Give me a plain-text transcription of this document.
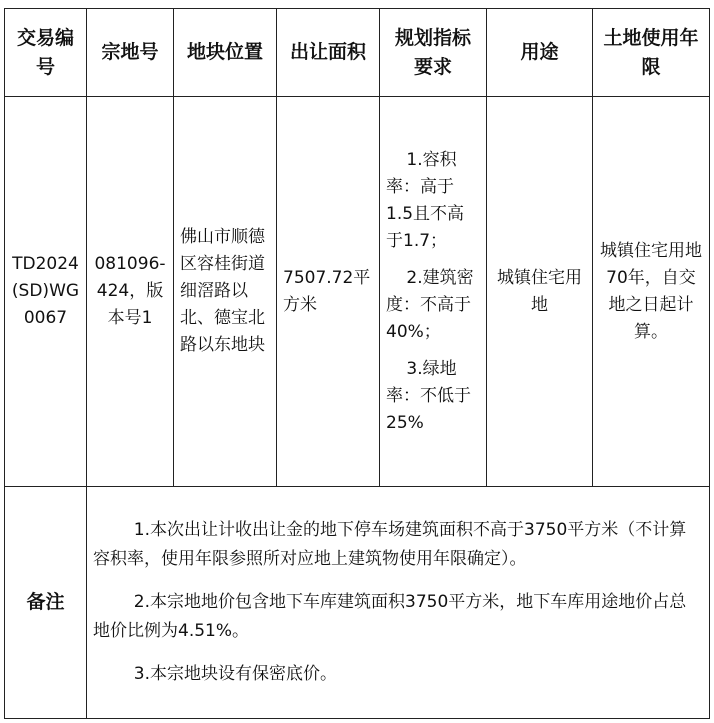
交易编号	宗地号	地块位置	出让面积	规划指标要求	用途	土地使用年限
TD2024(SD)WG0067	081096-424，版本号1	佛山市顺德区容桂街道细滘路以北、德宝北路以东地块	7507.72平方米	1.容积率：高于1.5且不高于1.7；

2.建筑密度：不高于40%；

3.绿地率：不低于25%	城镇住宅用地	城镇住宅用地70年，自交地之日起计算。
备注	1.本次出让计收出让金的地下停车场建筑面积不高于3750平方米（不计算容积率，使用年限参照所对应地上建筑物使用年限确定）。

2.本宗地地价包含地下车库建筑面积3750平方米，地下车库用途地价占总地价比例为4.51%。

3.本宗地块设有保密底价。					
